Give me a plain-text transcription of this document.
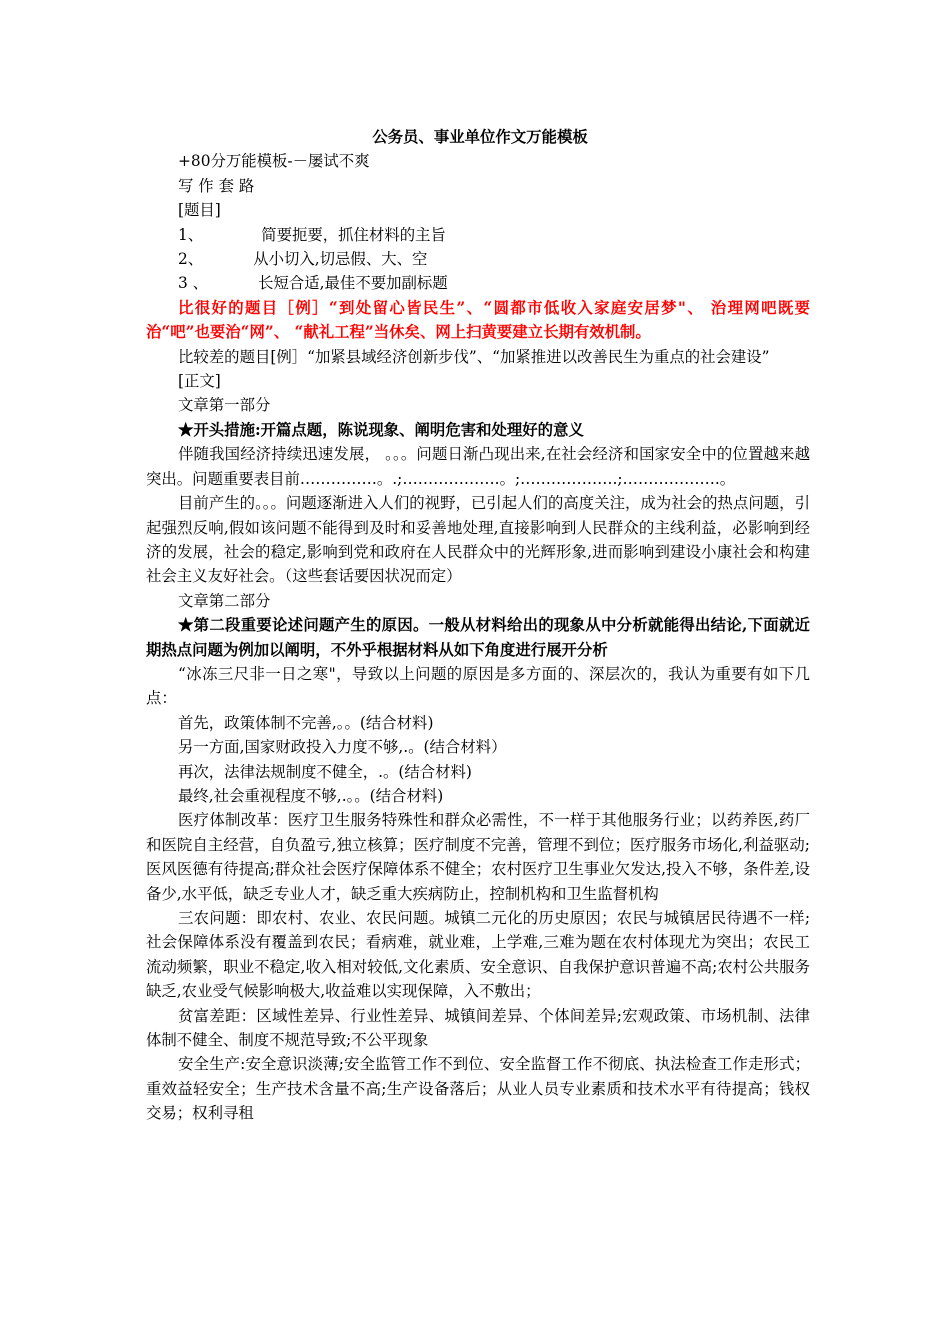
公务员、事业单位作文万能模板

+80分万能模板-－屡试不爽

写 作 套 路

[题目]

1、	简要扼要，抓住材料的主旨

2、	从小切入,切忌假、大、空

3 、	长短合适,最佳不要加副标题

比很好的题目［例］“到处留心皆民生”、“圆都市低收入家庭安居梦"、 治理网吧既要治“吧”也要治“网”、 “献礼工程”当休矣、网上扫黄要建立长期有效机制。

比较差的题目[例］“加紧县域经济创新步伐”、“加紧推进以改善民生为重点的社会建设”

[正文]

文章第一部分

★开头措施:开篇点题，陈说现象、阐明危害和处理好的意义

伴随我国经济持续迅速发展， 。。。问题日渐凸现出来,在社会经济和国家安全中的位置越来越突出。问题重要表目前……………。.;……………….。;……………….;……………….。

目前产生的。。。问题逐渐进入人们的视野，已引起人们的高度关注，成为社会的热点问题，引起强烈反响,假如该问题不能得到及时和妥善地处理,直接影响到人民群众的主线利益，必影响到经济的发展，社会的稳定,影响到党和政府在人民群众中的光辉形象,进而影响到建设小康社会和构建社会主义友好社会。（这些套话要因状况而定）

文章第二部分

★第二段重要论述问题产生的原因。一般从材料给出的现象从中分析就能得出结论,下面就近期热点问题为例加以阐明，不外乎根据材料从如下角度进行展开分析

“冰冻三尺非一日之寒"，导致以上问题的原因是多方面的、深层次的，我认为重要有如下几点：

首先，政策体制不完善,。。(结合材料)

另一方面,国家财政投入力度不够,.。(结合材料）

再次，法律法规制度不健全，.。(结合材料)

最终,社会重视程度不够,.。。(结合材料)

医疗体制改革：医疗卫生服务特殊性和群众必需性，不一样于其他服务行业；以药养医,药厂和医院自主经营，自负盈亏,独立核算；医疗制度不完善，管理不到位；医疗服务市场化,利益驱动;医风医德有待提高;群众社会医疗保障体系不健全；农村医疗卫生事业欠发达,投入不够，条件差,设备少,水平低，缺乏专业人才，缺乏重大疾病防止，控制机构和卫生监督机构

三农问题：即农村、农业、农民问题。城镇二元化的历史原因；农民与城镇居民待遇不一样;社会保障体系没有覆盖到农民；看病难，就业难，上学难,三难为题在农村体现尤为突出；农民工流动频繁，职业不稳定,收入相对较低,文化素质、安全意识、自我保护意识普遍不高;农村公共服务缺乏,农业受气候影响极大,收益难以实现保障，入不敷出；

贫富差距：区域性差异、行业性差异、城镇间差异、个体间差异;宏观政策、市场机制、法律体制不健全、制度不规范导致;不公平现象

安全生产:安全意识淡薄;安全监管工作不到位、安全监督工作不彻底、执法检查工作走形式；重效益轻安全；生产技术含量不高;生产设备落后；从业人员专业素质和技术水平有待提高；钱权交易；权利寻租
